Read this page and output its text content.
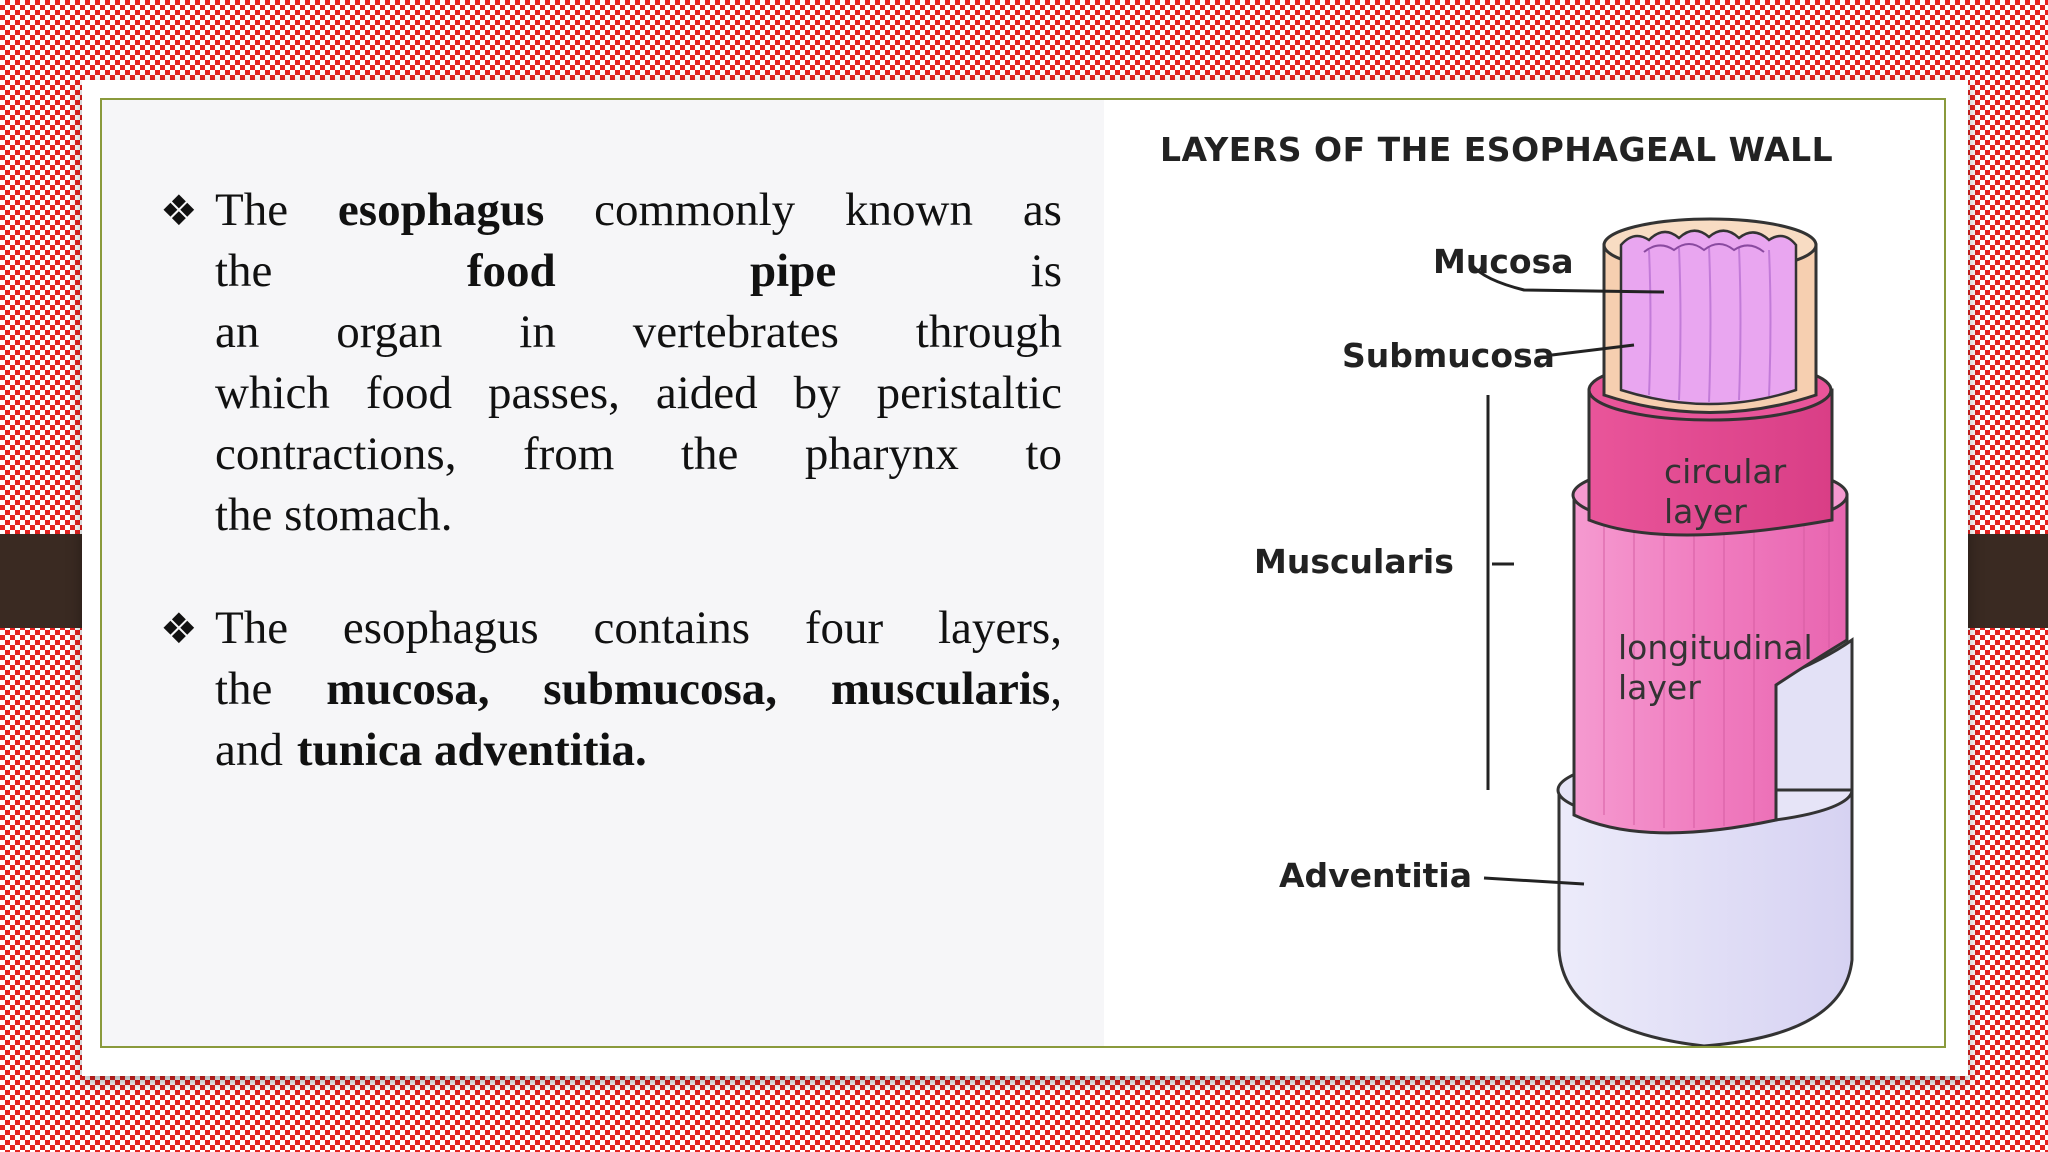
❖ The esophagus commonly known as
the	food	pipe	is
an organ in vertebrates through
which food passes, aided by peristaltic
contractions, from the pharynx to
the stomach.
❖ The esophagus contains four layers,
the mucosa, submucosa, muscularis,
and tunica adventitia.
LAYERS OF THE ESOPHAGEAL WALL
Mucosa
Submucosa
Muscularis
Adventitia
circular
layer
longitudinal
layer
